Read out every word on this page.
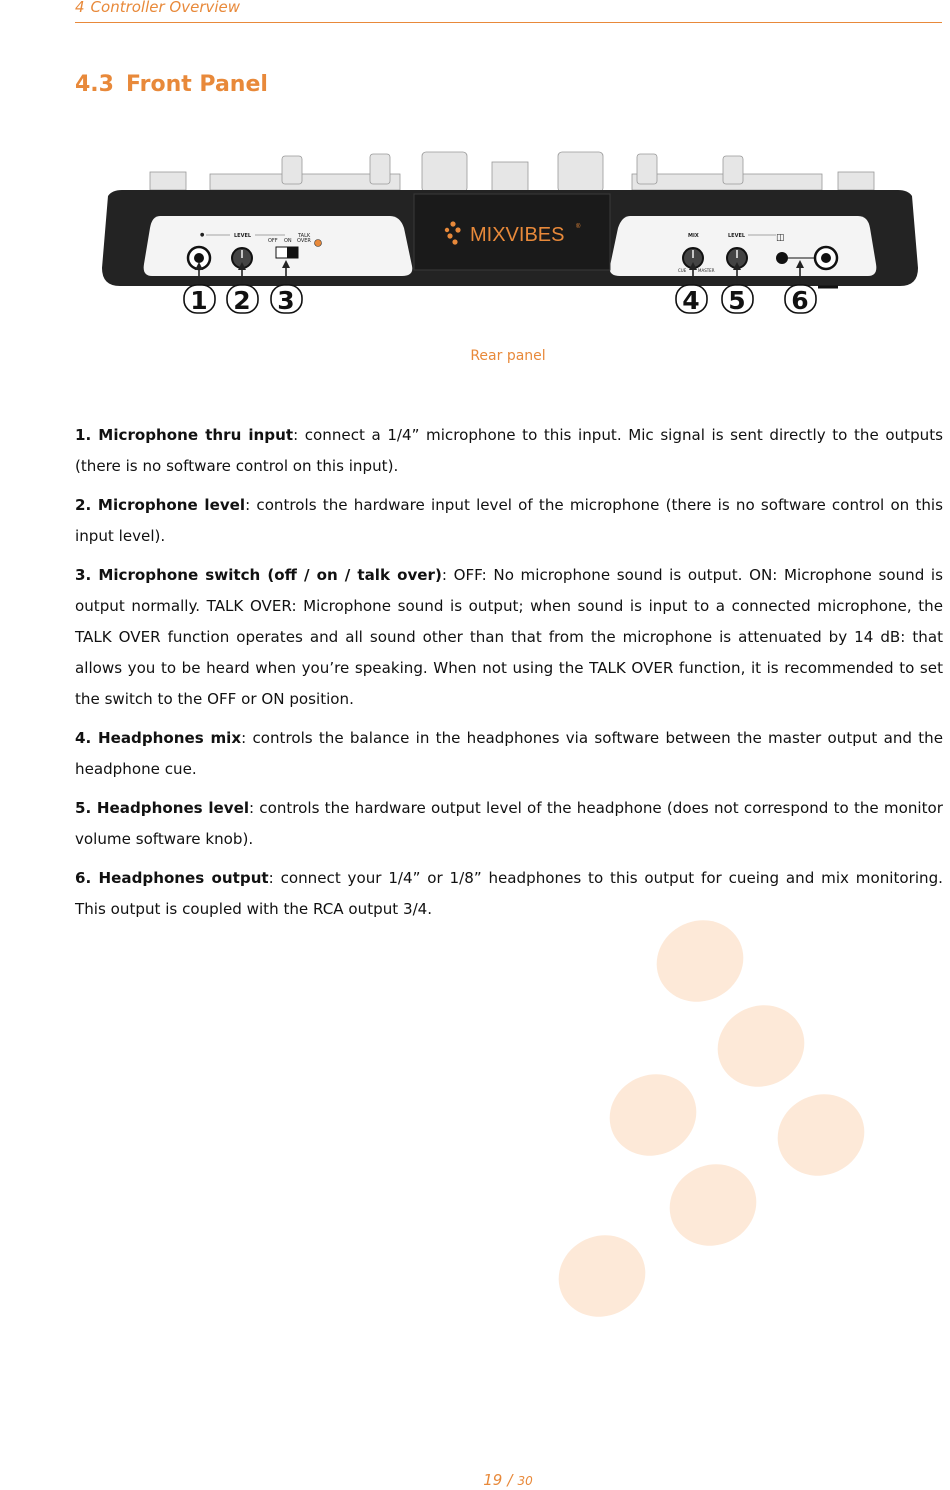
4 Controller Overview
4.3 Front Panel
MIXVIBES ®
●	LEVEL
OFF ON
TALK
OVER
MIX	LEVEL	◫
CUE	MASTER
1 2 3	4 5 6
Rear panel

1. Microphone thru input: connect a 1/4” microphone to this input. Mic signal is sent directly to the outputs (there is no software control on this input).

2. Microphone level: controls the hardware input level of the microphone (there is no software control on this input level).

3. Microphone switch (off / on / talk over): OFF: No microphone sound is output. ON: Microphone sound is output normally. TALK OVER: Microphone sound is output; when sound is input to a connected microphone, the TALK OVER function operates and all sound other than that from the microphone is attenuated by 14 dB: that allows you to be heard when you’re speaking. When not using the TALK OVER function, it is recommended to set the switch to the OFF or ON position.

4. Headphones mix: controls the balance in the headphones via software between the master output and the headphone cue.

5. Headphones level: controls the hardware output level of the headphone (does not correspond to the monitor volume software knob).

6. Headphones output: connect your 1/4” or 1/8” headphones to this output for cueing and mix monitoring. This output is coupled with the RCA output 3/4.

19 / 30
